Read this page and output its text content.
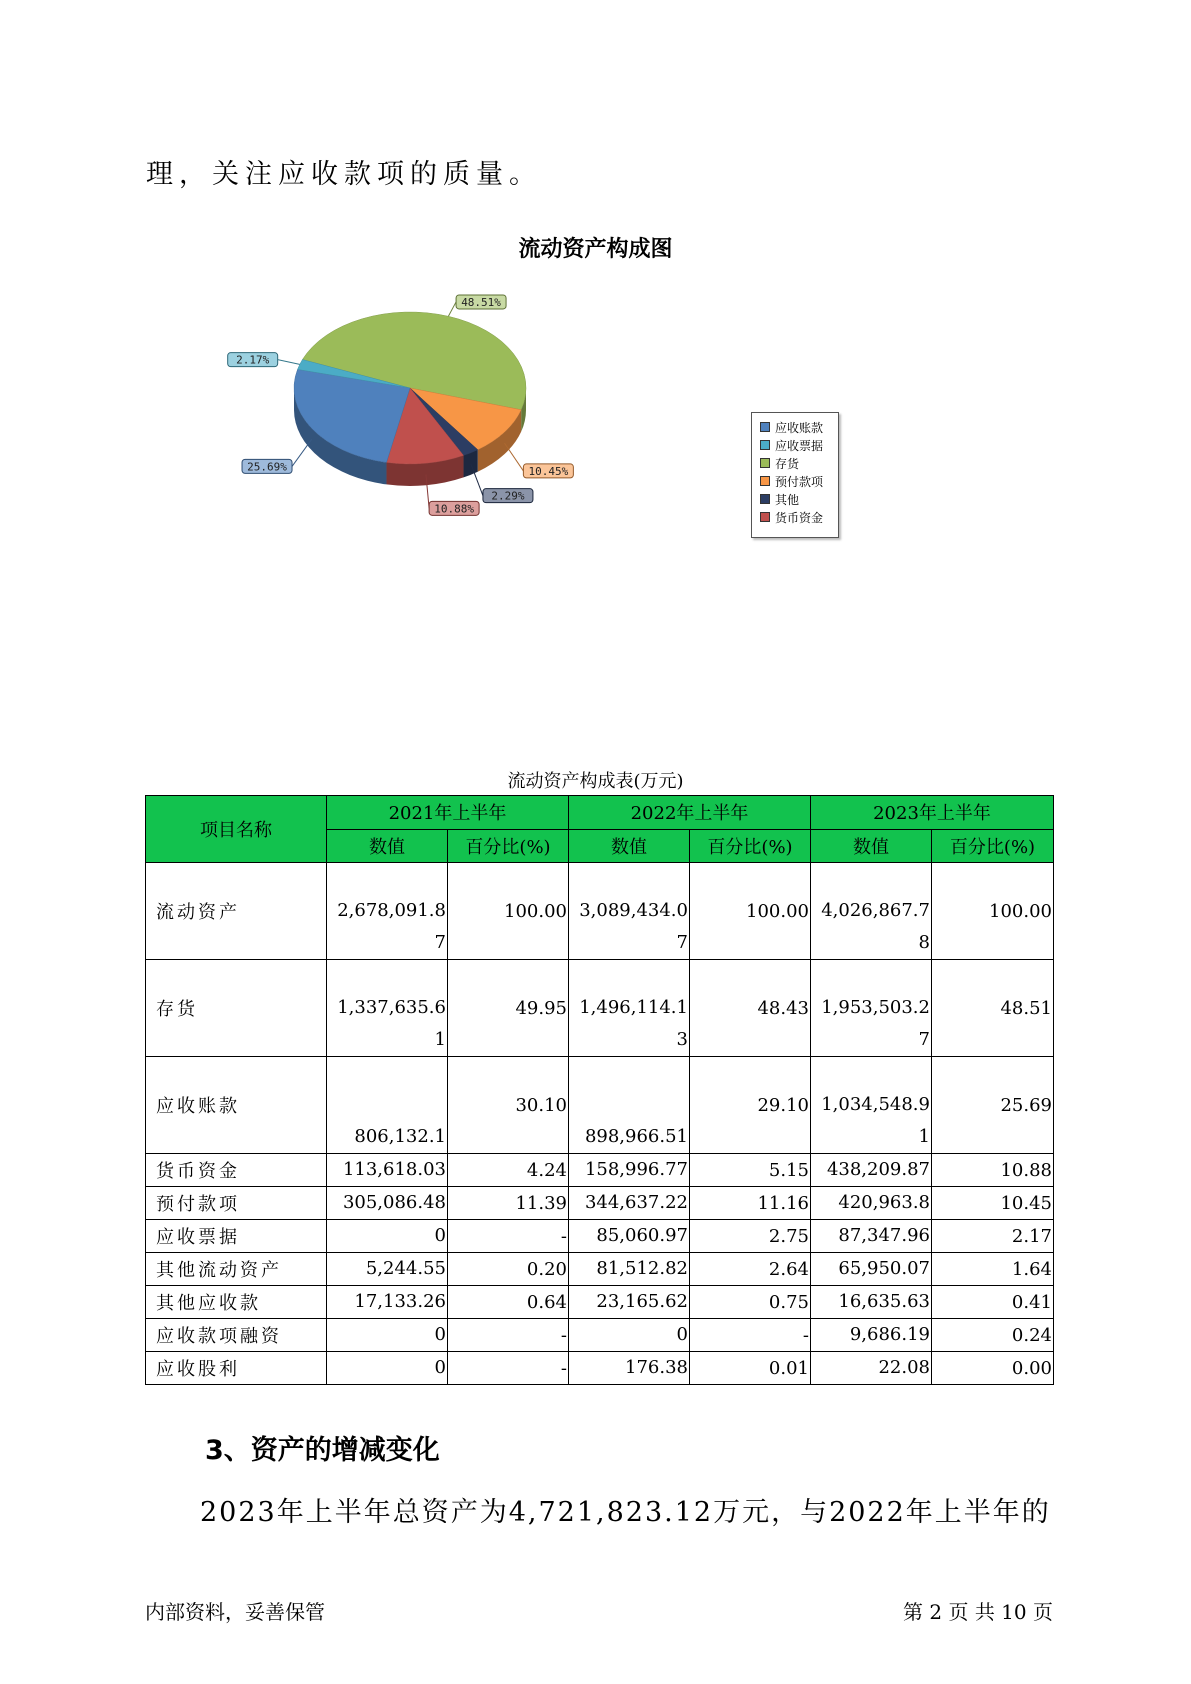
理，关注应收款项的质量。
流动资产构成图
48.51%
10.45%
2.29%
10.88%
25.69%
2.17%
应收账款
应收票据
存货
预付款项
其他
货币资金
流动资产构成表(万元)
项目名称	2021年上半年		2022年上半年		2023年上半年	
	数值	百分比(%)	数值	百分比(%)	数值	百分比(%)
流动资产	2,678,091.87	100.00	3,089,434.07	100.00	4,026,867.78	100.00
存货	1,337,635.61	49.95	1,496,114.13	48.43	1,953,503.27	48.51
应收账款	806,132.1	30.10	898,966.51	29.10	1,034,548.91	25.69
货币资金	113,618.03	4.24	158,996.77	5.15	438,209.87	10.88
预付款项	305,086.48	11.39	344,637.22	11.16	420,963.8	10.45
应收票据	0	-	85,060.97	2.75	87,347.96	2.17
其他流动资产	5,244.55	0.20	81,512.82	2.64	65,950.07	1.64
其他应收款	17,133.26	0.64	23,165.62	0.75	16,635.63	0.41
应收款项融资	0	-	0	-	9,686.19	0.24
应收股利	0	-	176.38	0.01	22.08	0.00
3、资产的增减变化
2023年上半年总资产为4,721,823.12万元，与2022年上半年的
内部资料，妥善保管	第 2 页 共 10 页
